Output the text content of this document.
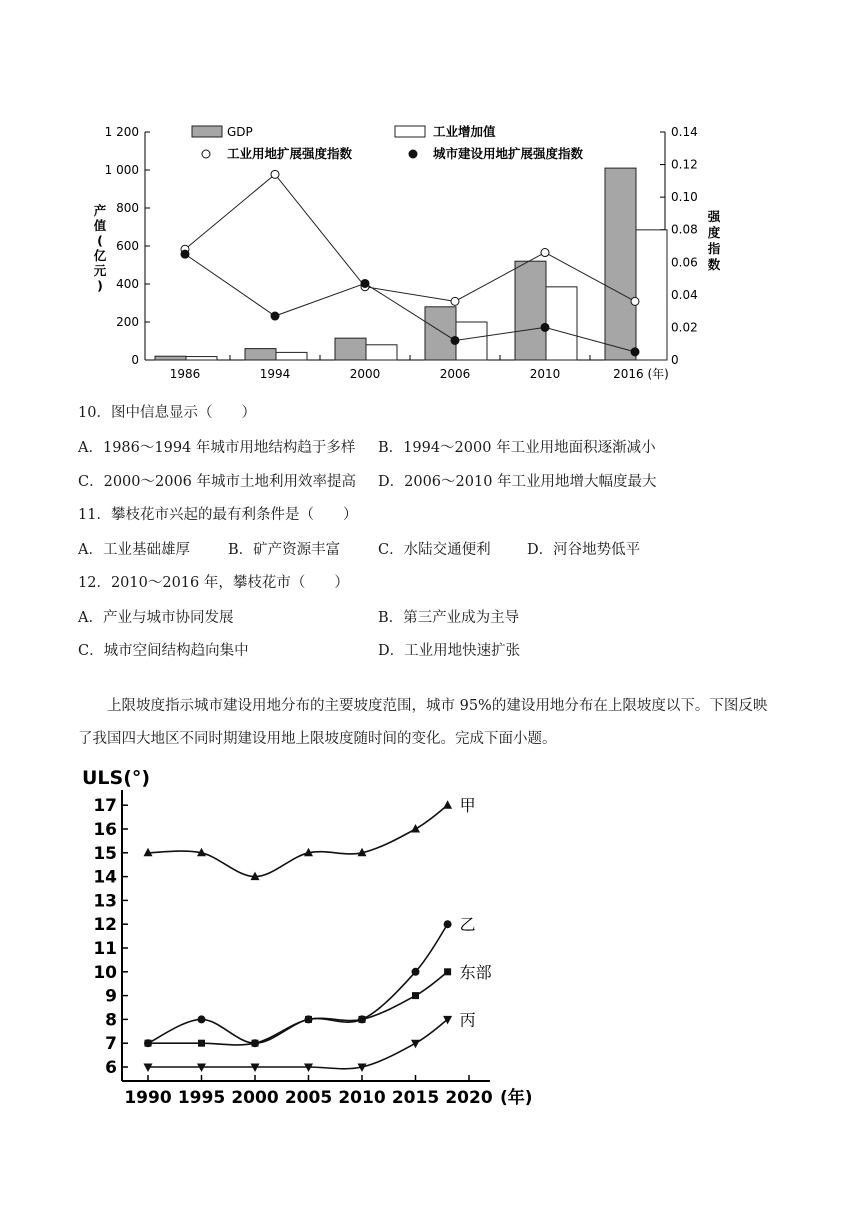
0
200
400
600
800
1 000
1 200
0
0.02
0.04
0.06
0.08
0.10
0.12
0.14
产
值
(
亿
元
)
强
度
指
数
1986	1994	2000	2006	2010	2016 (年)
GDP	工业增加值
工业用地扩展强度指数	城市建设用地扩展强度指数
10．图中信息显示（　　）
A．1986～1994 年城市用地结构趋于多样 B．1994～2000 年工业用地面积逐渐减小
C．2000～2006 年城市土地利用效率提高 D．2006～2010 年工业用地增大幅度最大
11．攀枝花市兴起的最有利条件是（　　）
A．工业基础雄厚	B．矿产资源丰富	C．水陆交通便利	D．河谷地势低平
12．2010～2016 年，攀枝花市（　　）
A．产业与城市协同发展	B．第三产业成为主导
C．城市空间结构趋向集中	D．工业用地快速扩张
上限坡度指示城市建设用地分布的主要坡度范围，城市 95%的建设用地分布在上限坡度以下。下图反映了我国四大地区不同时期建设用地上限坡度随时间的变化。完成下面小题。
ULS(°)
6
7
8
9
10
11
12
13
14
15
16
17
1990 1995 2000 2005 2010 2015 2020 (年)
甲
乙
东部
丙
